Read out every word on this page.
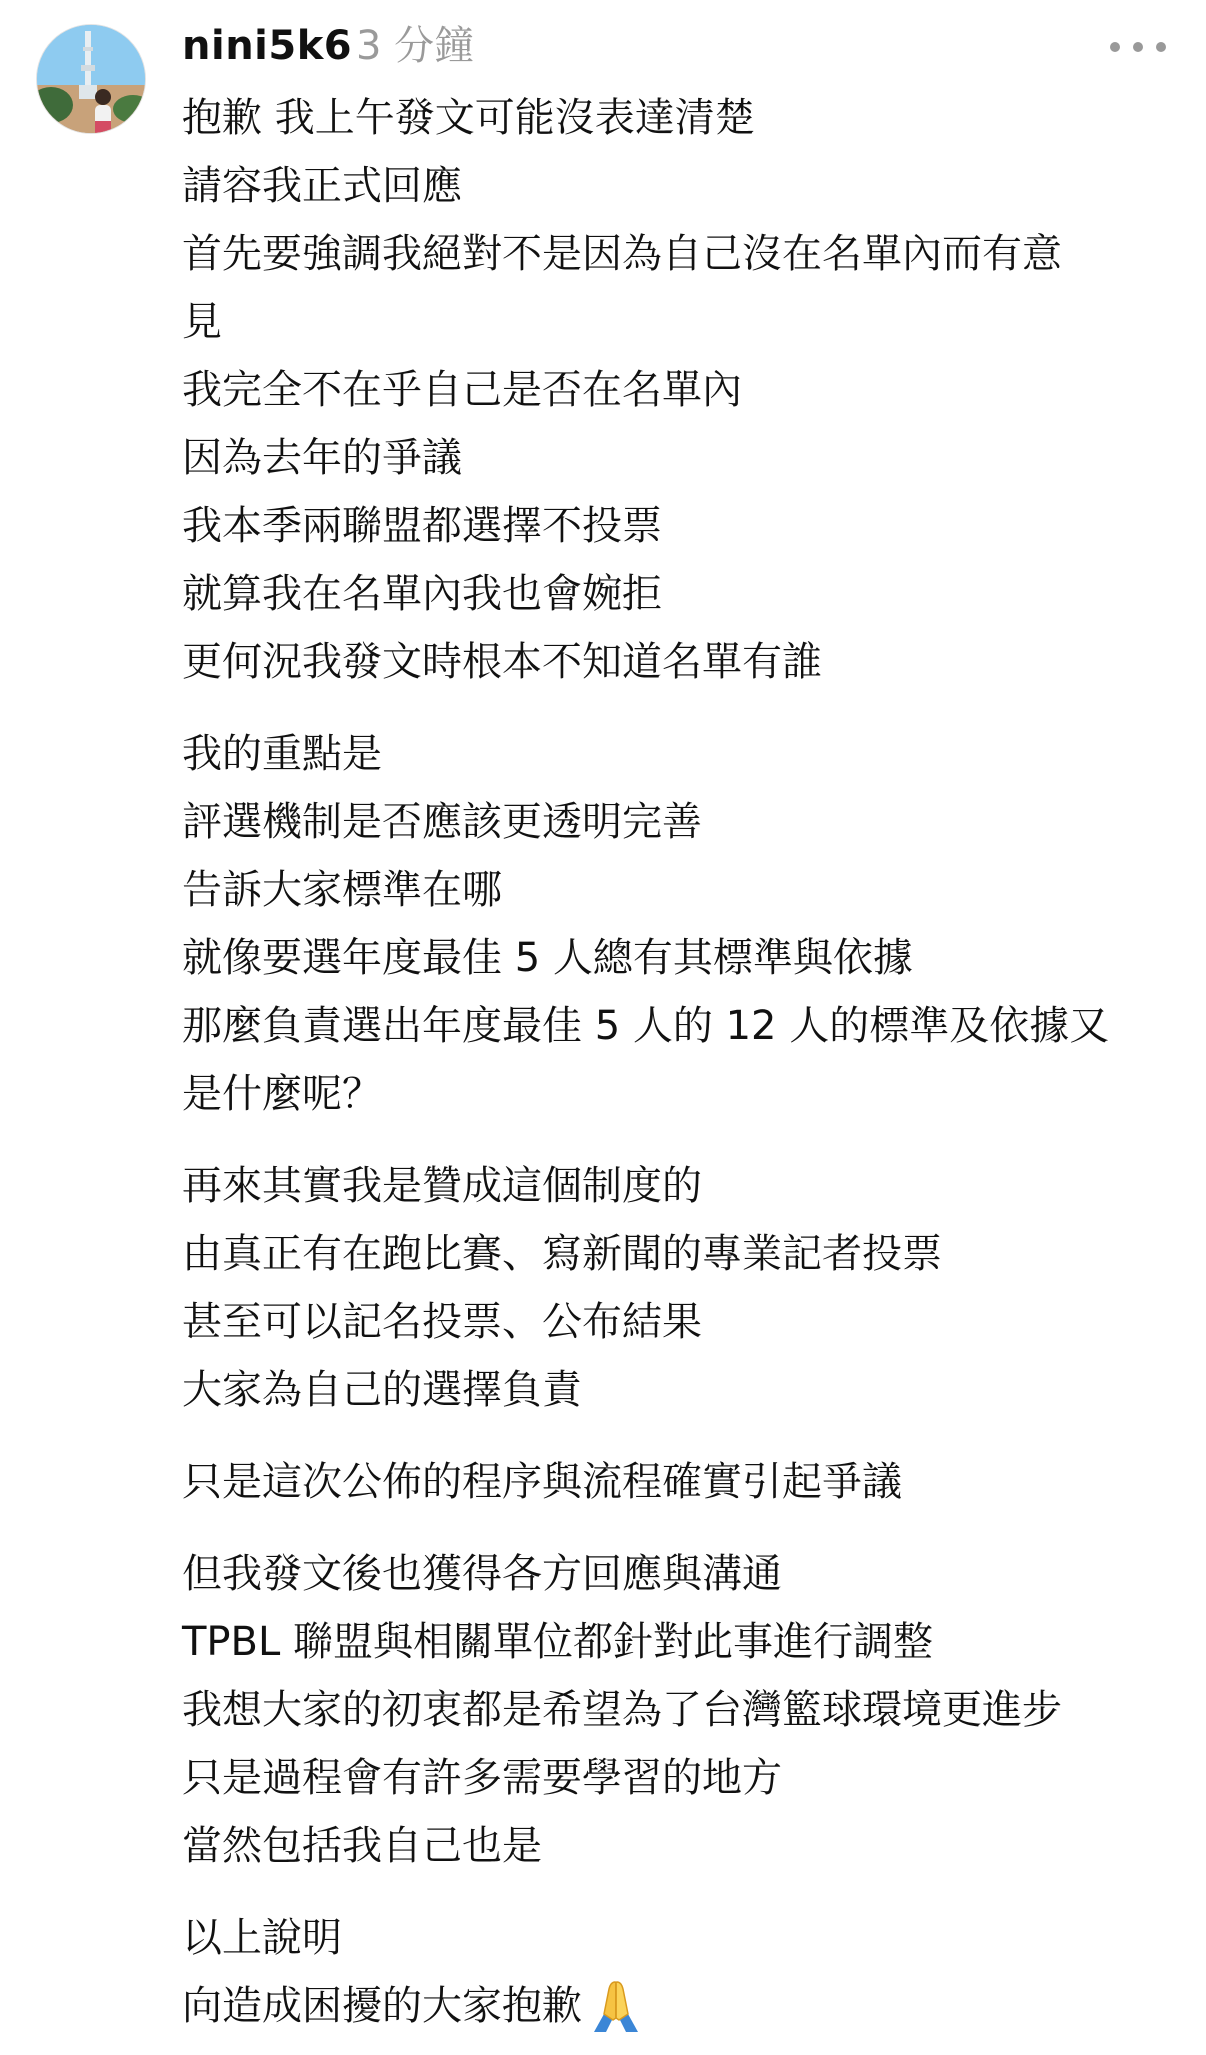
nini5k6 3 分鐘
抱歉 我上午發文可能沒表達清楚
請容我正式回應
首先要強調我絕對不是因為自己沒在名單內而有意
見
我完全不在乎自己是否在名單內
因為去年的爭議
我本季兩聯盟都選擇不投票
就算我在名單內我也會婉拒
更何況我發文時根本不知道名單有誰
我的重點是
評選機制是否應該更透明完善
告訴大家標準在哪
就像要選年度最佳 5 人總有其標準與依據
那麼負責選出年度最佳 5 人的 12 人的標準及依據又
是什麼呢？
再來其實我是贊成這個制度的
由真正有在跑比賽、寫新聞的專業記者投票
甚至可以記名投票、公布結果
大家為自己的選擇負責
只是這次公佈的程序與流程確實引起爭議
但我發文後也獲得各方回應與溝通
TPBL 聯盟與相關單位都針對此事進行調整
我想大家的初衷都是希望為了台灣籃球環境更進步
只是過程會有許多需要學習的地方
當然包括我自己也是
以上說明
向造成困擾的大家抱歉
